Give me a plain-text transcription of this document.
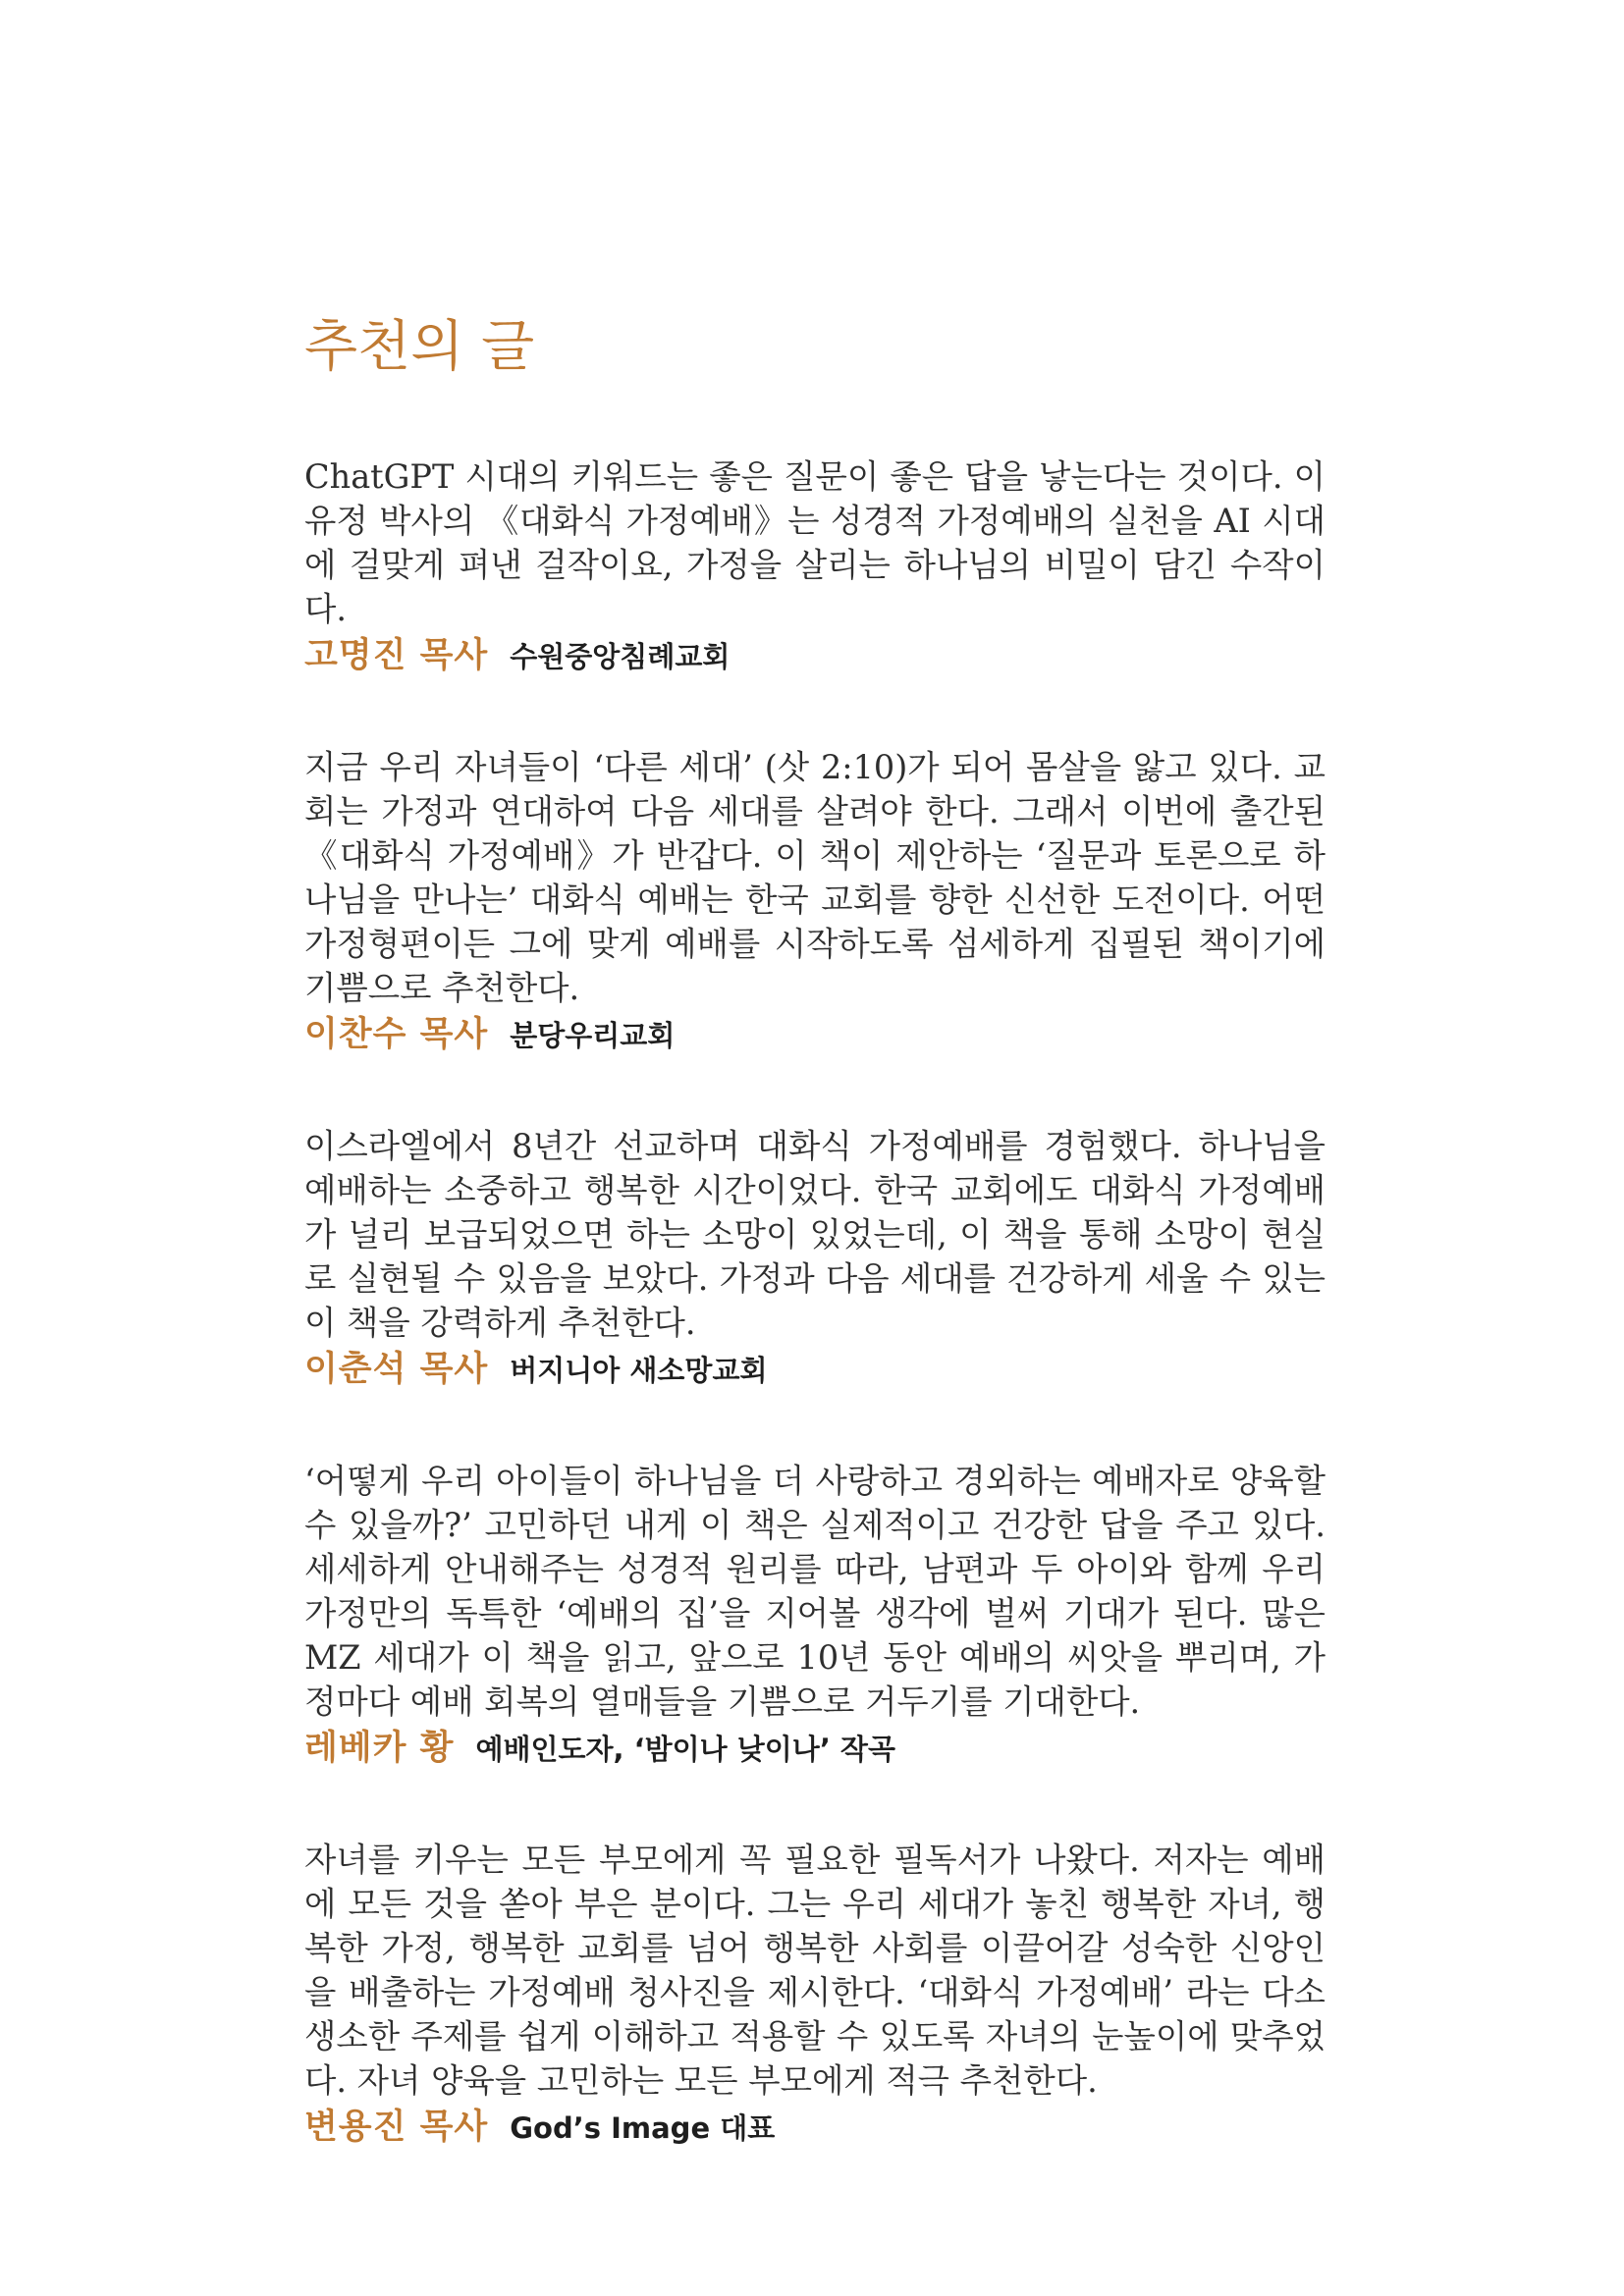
추천의 글

ChatGPT 시대의 키워드는 좋은 질문이 좋은 답을 낳는다는 것이다. 이유정 박사의 《대화식 가정예배》는 성경적 가정예배의 실천을 AI 시대에 걸맞게 펴낸 걸작이요, 가정을 살리는 하나님의 비밀이 담긴 수작이다.

고명진 목사 수원중앙침례교회

지금 우리 자녀들이 ‘다른 세대’ (삿 2:10)가 되어 몸살을 앓고 있다. 교회는 가정과 연대하여 다음 세대를 살려야 한다. 그래서 이번에 출간된 《대화식 가정예배》가 반갑다. 이 책이 제안하는 ‘질문과 토론으로 하나님을 만나는’ 대화식 예배는 한국 교회를 향한 신선한 도전이다. 어떤 가정형편이든 그에 맞게 예배를 시작하도록 섬세하게 집필된 책이기에 기쁨으로 추천한다.

이찬수 목사 분당우리교회

이스라엘에서 8년간 선교하며 대화식 가정예배를 경험했다. 하나님을 예배하는 소중하고 행복한 시간이었다. 한국 교회에도 대화식 가정예배가 널리 보급되었으면 하는 소망이 있었는데, 이 책을 통해 소망이 현실로 실현될 수 있음을 보았다. 가정과 다음 세대를 건강하게 세울 수 있는 이 책을 강력하게 추천한다.

이춘석 목사 버지니아 새소망교회

‘어떻게 우리 아이들이 하나님을 더 사랑하고 경외하는 예배자로 양육할 수 있을까?’ 고민하던 내게 이 책은 실제적이고 건강한 답을 주고 있다. 세세하게 안내해주는 성경적 원리를 따라, 남편과 두 아이와 함께 우리 가정만의 독특한 ‘예배의 집’을 지어볼 생각에 벌써 기대가 된다. 많은 MZ 세대가 이 책을 읽고, 앞으로 10년 동안 예배의 씨앗을 뿌리며, 가정마다 예배 회복의 열매들을 기쁨으로 거두기를 기대한다.

레베카 황 예배인도자, ‘밤이나 낮이나’ 작곡

자녀를 키우는 모든 부모에게 꼭 필요한 필독서가 나왔다. 저자는 예배에 모든 것을 쏟아 부은 분이다. 그는 우리 세대가 놓친 행복한 자녀, 행복한 가정, 행복한 교회를 넘어 행복한 사회를 이끌어갈 성숙한 신앙인을 배출하는 가정예배 청사진을 제시한다. ‘대화식 가정예배’ 라는 다소 생소한 주제를 쉽게 이해하고 적용할 수 있도록 자녀의 눈높이에 맞추었다. 자녀 양육을 고민하는 모든 부모에게 적극 추천한다.

변용진 목사 God’s Image 대표
